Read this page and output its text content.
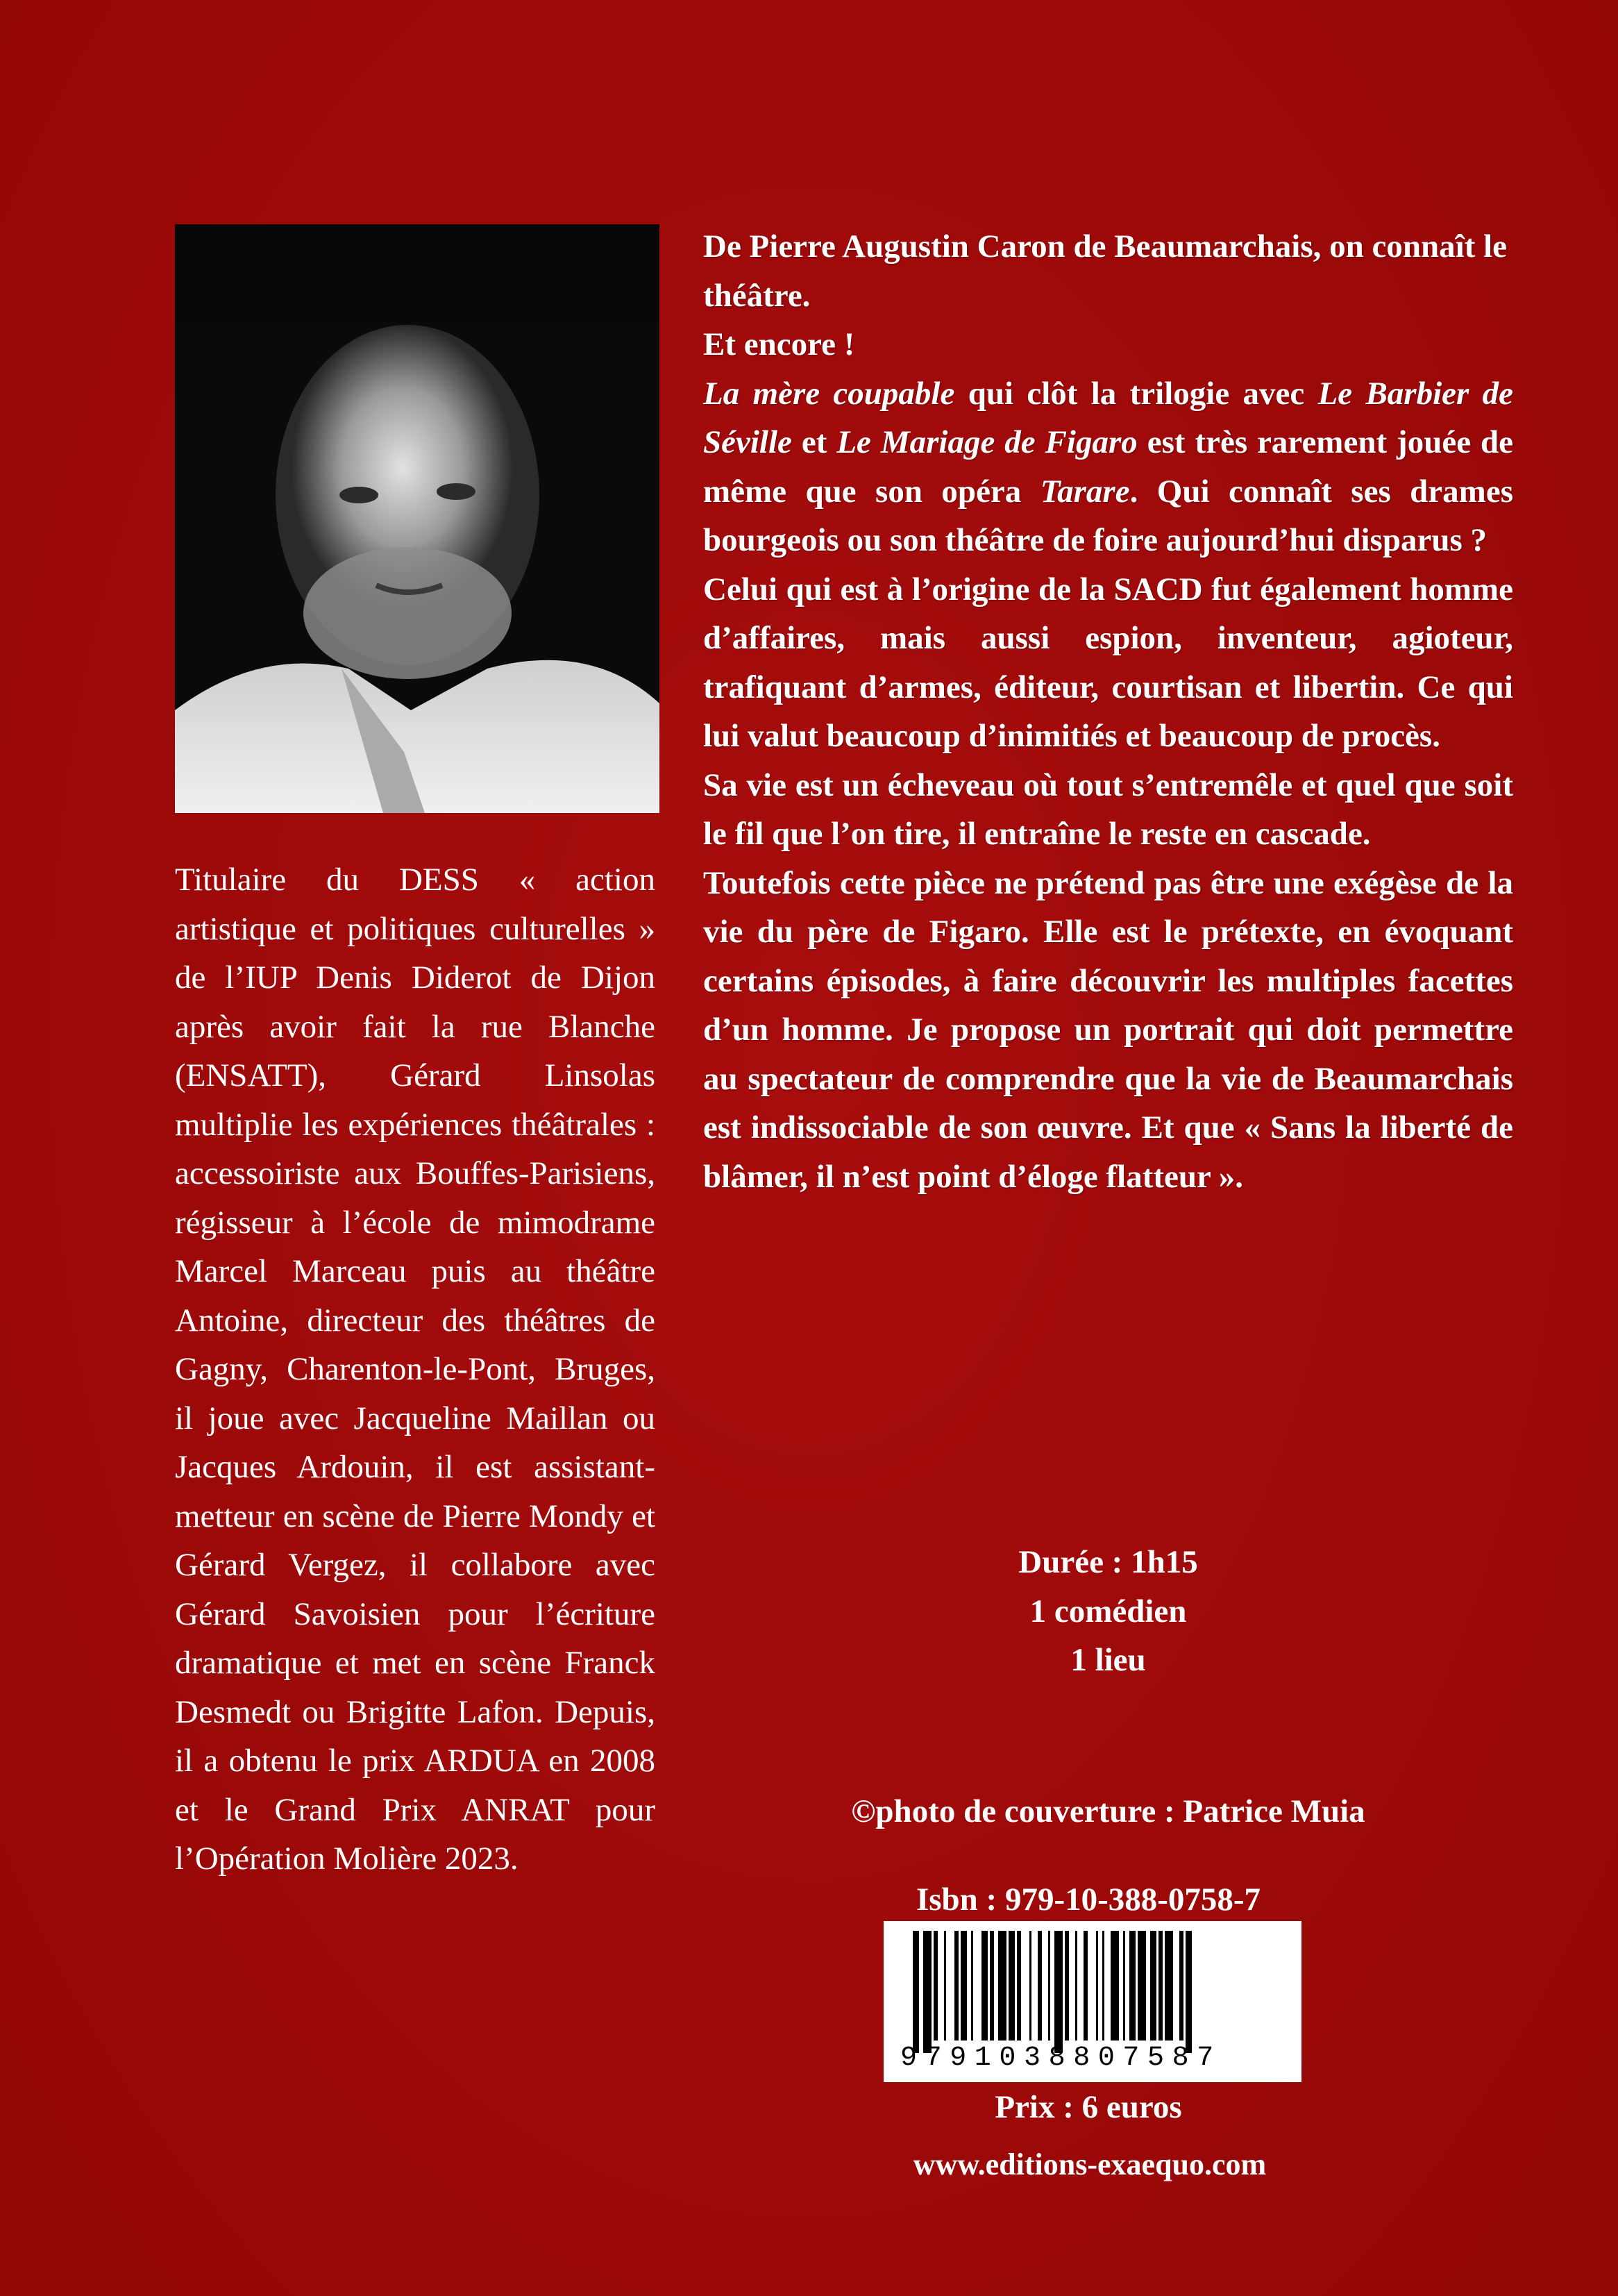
De Pierre Augustin Caron de Beaumarchais, on connaît le théâtre.

Et encore !

La mère coupable qui clôt la trilogie avec Le Barbier de Séville et Le Mariage de Figaro est très rarement jouée de même que son opéra Tarare. Qui connaît ses drames bourgeois ou son théâtre de foire aujourd’hui disparus ?

Celui qui est à l’origine de la SACD fut également homme d’affaires, mais aussi espion, inventeur, agioteur, trafiquant d’armes, éditeur, courtisan et libertin. Ce qui lui valut beaucoup d’inimitiés et beaucoup de procès.

Sa vie est un écheveau où tout s’entremêle et quel que soit le fil que l’on tire, il entraîne le reste en cascade.

Toutefois cette pièce ne prétend pas être une exégèse de la vie du père de Figaro. Elle est le prétexte, en évoquant certains épisodes, à faire découvrir les multiples facettes d’un homme. Je propose un portrait qui doit permettre au spectateur de comprendre que la vie de Beaumarchais est indissociable de son œuvre. Et que « Sans la liberté de blâmer, il n’est point d’éloge flatteur ».

Titulaire du DESS « action artistique et politiques culturelles » de l’IUP Denis Diderot de Dijon après avoir fait la rue Blanche (ENSATT), Gérard Linsolas multiplie les expériences théâtrales : accessoiriste aux Bouffes-Parisiens, régisseur à l’école de mimodrame Marcel Marceau puis au théâtre Antoine, directeur des théâtres de Gagny, Charenton-le-Pont, Bruges, il joue avec Jacqueline Maillan ou Jacques Ardouin, il est assistant-metteur en scène de Pierre Mondy et Gérard Vergez, il collabore avec Gérard Savoisien pour l’écriture dramatique et met en scène Franck Desmedt ou Brigitte Lafon. Depuis, il a obtenu le prix ARDUA en 2008 et le Grand Prix ANRAT pour l’Opération Molière 2023.

Durée : 1h15
1 comédien
1 lieu
©photo de couverture : Patrice Muia
Isbn : 979-10-388-0758-7
9791038807587
Prix : 6 euros
www.editions-exaequo.com
